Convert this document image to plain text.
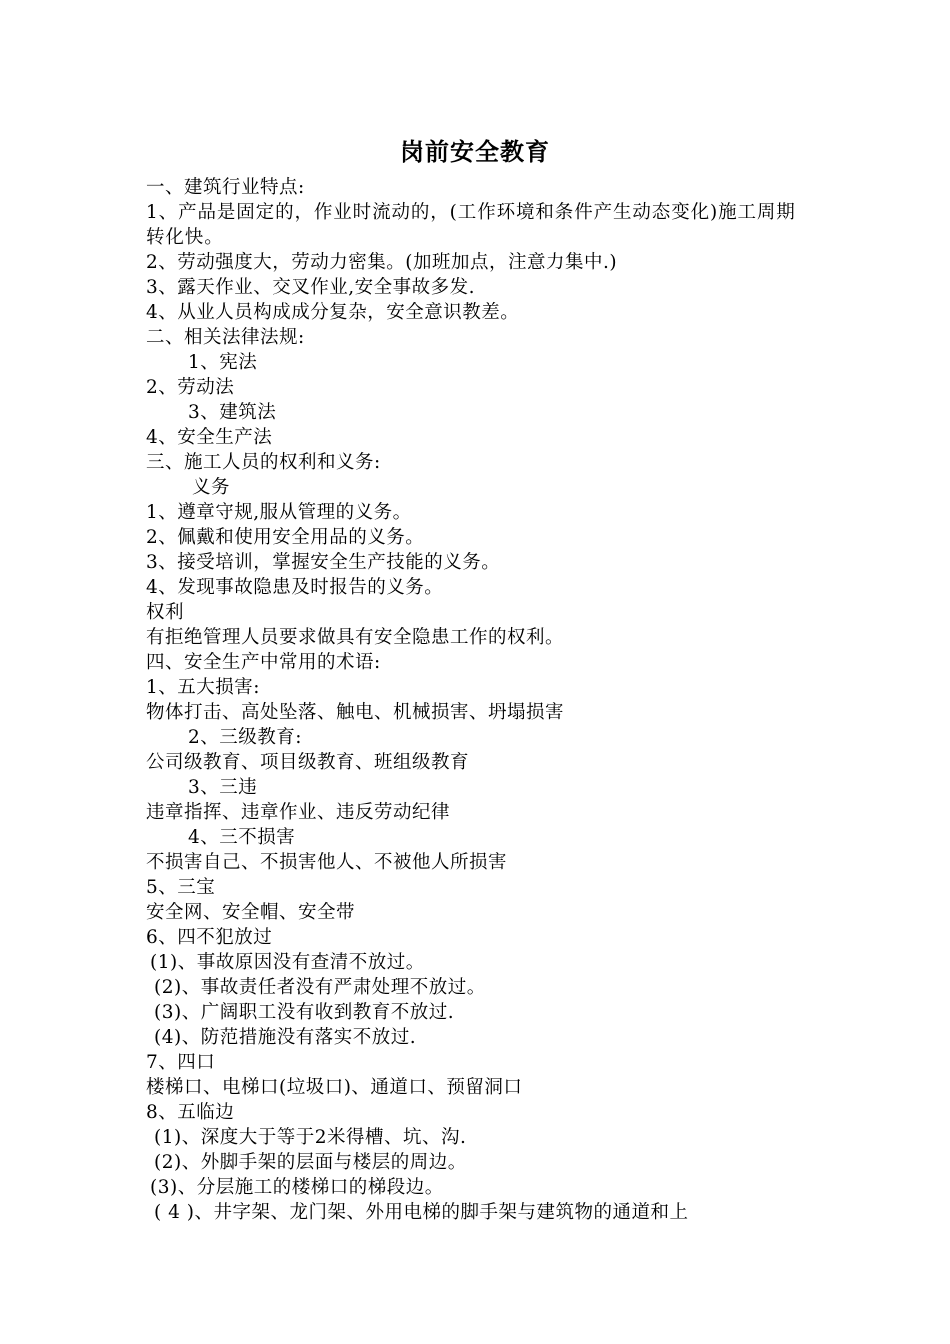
岗前安全教育
一、建筑行业特点:
1、产品是固定的，作业时流动的，(工作环境和条件产生动态变化)施工周期转化快。
2、劳动强度大，劳动力密集。(加班加点，注意力集中.)
3、露天作业、交叉作业,安全事故多发.
4、从业人员构成成分复杂，安全意识教差。
二、相关法律法规:
1、宪法
2、劳动法
3、建筑法
4、安全生产法
三、施工人员的权利和义务:
义务
1、遵章守规,服从管理的义务。
2、佩戴和使用安全用品的义务。
3、接受培训，掌握安全生产技能的义务。
4、发现事故隐患及时报告的义务。
权利
有拒绝管理人员要求做具有安全隐患工作的权利。
四、安全生产中常用的术语:
1、五大损害:
物体打击、高处坠落、触电、机械损害、坍塌损害
2、三级教育:
公司级教育、项目级教育、班组级教育
3、三违
违章指挥、违章作业、违反劳动纪律
4、三不损害
不损害自己、不损害他人、不被他人所损害
5、三宝
安全网、安全帽、安全带
6、四不犯放过
(1)、事故原因没有查清不放过。
(2)、事故责任者没有严肃处理不放过。
(3)、广阔职工没有收到教育不放过.
(4)、防范措施没有落实不放过.
7、四口
楼梯口、电梯口(垃圾口)、通道口、预留洞口
8、五临边
(1)、深度大于等于2米得槽、坑、沟.
(2)、外脚手架的层面与楼层的周边。
(3)、分层施工的楼梯口的梯段边。
( 4 )、井字架、龙门架、外用电梯的脚手架与建筑物的通道和上
